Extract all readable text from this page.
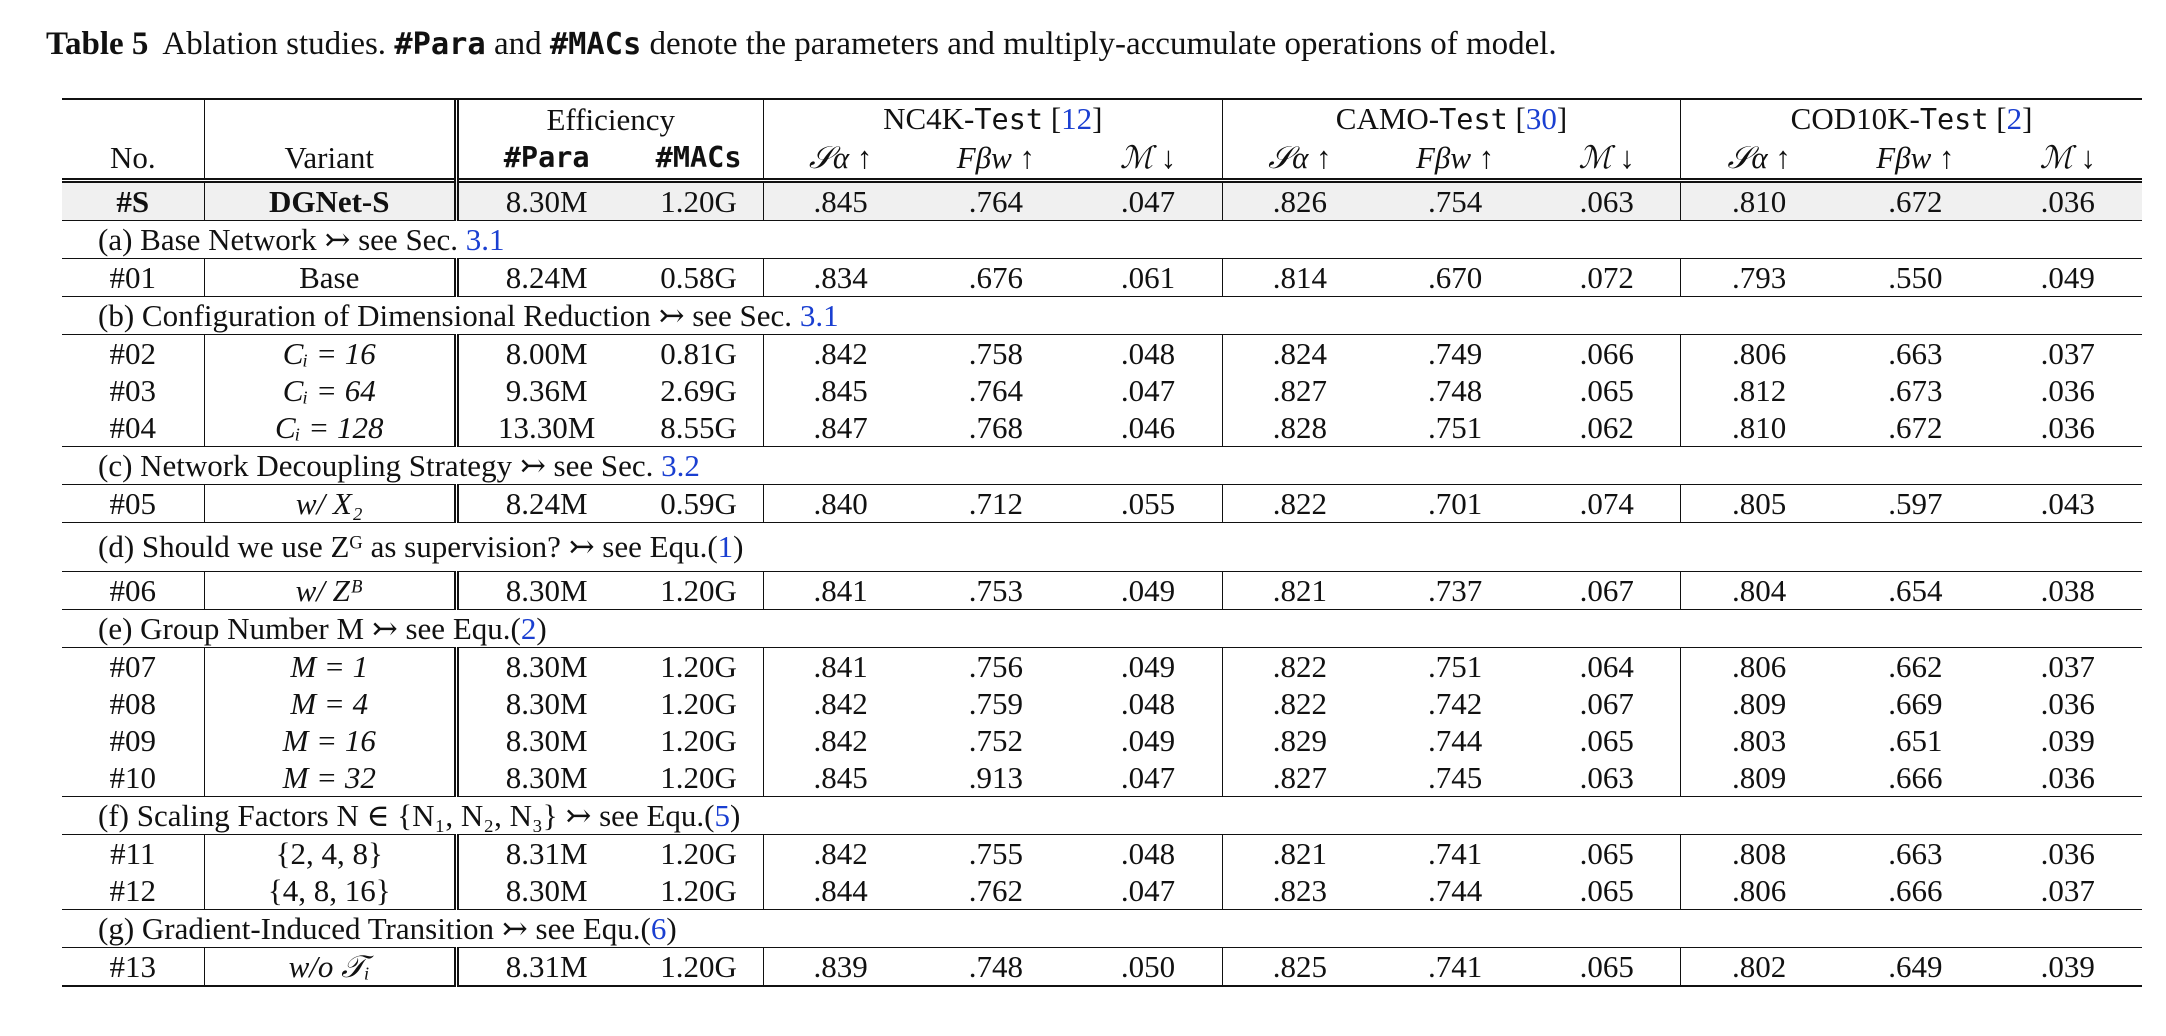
Table 5 Ablation studies. #Para and #MACs denote the parameters and multiply-accumulate operations of model.

		Efficiency		NC4K-Test [12]			CAMO-Test [30]			COD10K-Test [2]		
No.	Variant	#Para	#MACs	𝒮α ↑	Fβw ↑	ℳ ↓	𝒮α ↑	Fβw ↑	ℳ ↓	𝒮α ↑	Fβw ↑	ℳ ↓
#S	DGNet-S	8.30M	1.20G	.845	.764	.047	.826	.754	.063	.810	.672	.036
(a) Base Network ↣ see Sec. 3.1												
#01	Base	8.24M	0.58G	.834	.676	.061	.814	.670	.072	.793	.550	.049
(b) Configuration of Dimensional Reduction ↣ see Sec. 3.1												
#02	Cᵢ = 16	8.00M	0.81G	.842	.758	.048	.824	.749	.066	.806	.663	.037
#03	Cᵢ = 64	9.36M	2.69G	.845	.764	.047	.827	.748	.065	.812	.673	.036
#04	Cᵢ = 128	13.30M	8.55G	.847	.768	.046	.828	.751	.062	.810	.672	.036
(c) Network Decoupling Strategy ↣ see Sec. 3.2												
#05	w/ X₂	8.24M	0.59G	.840	.712	.055	.822	.701	.074	.805	.597	.043
(d) Should we use Zᴳ as supervision? ↣ see Equ.(1)												
#06	w/ Zᴮ	8.30M	1.20G	.841	.753	.049	.821	.737	.067	.804	.654	.038
(e) Group Number M ↣ see Equ.(2)												
#07	M = 1	8.30M	1.20G	.841	.756	.049	.822	.751	.064	.806	.662	.037
#08	M = 4	8.30M	1.20G	.842	.759	.048	.822	.742	.067	.809	.669	.036
#09	M = 16	8.30M	1.20G	.842	.752	.049	.829	.744	.065	.803	.651	.039
#10	M = 32	8.30M	1.20G	.845	.913	.047	.827	.745	.063	.809	.666	.036
(f) Scaling Factors N ∈ {N₁, N₂, N₃} ↣ see Equ.(5)												
#11	{2, 4, 8}	8.31M	1.20G	.842	.755	.048	.821	.741	.065	.808	.663	.036
#12	{4, 8, 16}	8.30M	1.20G	.844	.762	.047	.823	.744	.065	.806	.666	.037
(g) Gradient-Induced Transition ↣ see Equ.(6)												
#13	w/o 𝒯ᵢ	8.31M	1.20G	.839	.748	.050	.825	.741	.065	.802	.649	.039
